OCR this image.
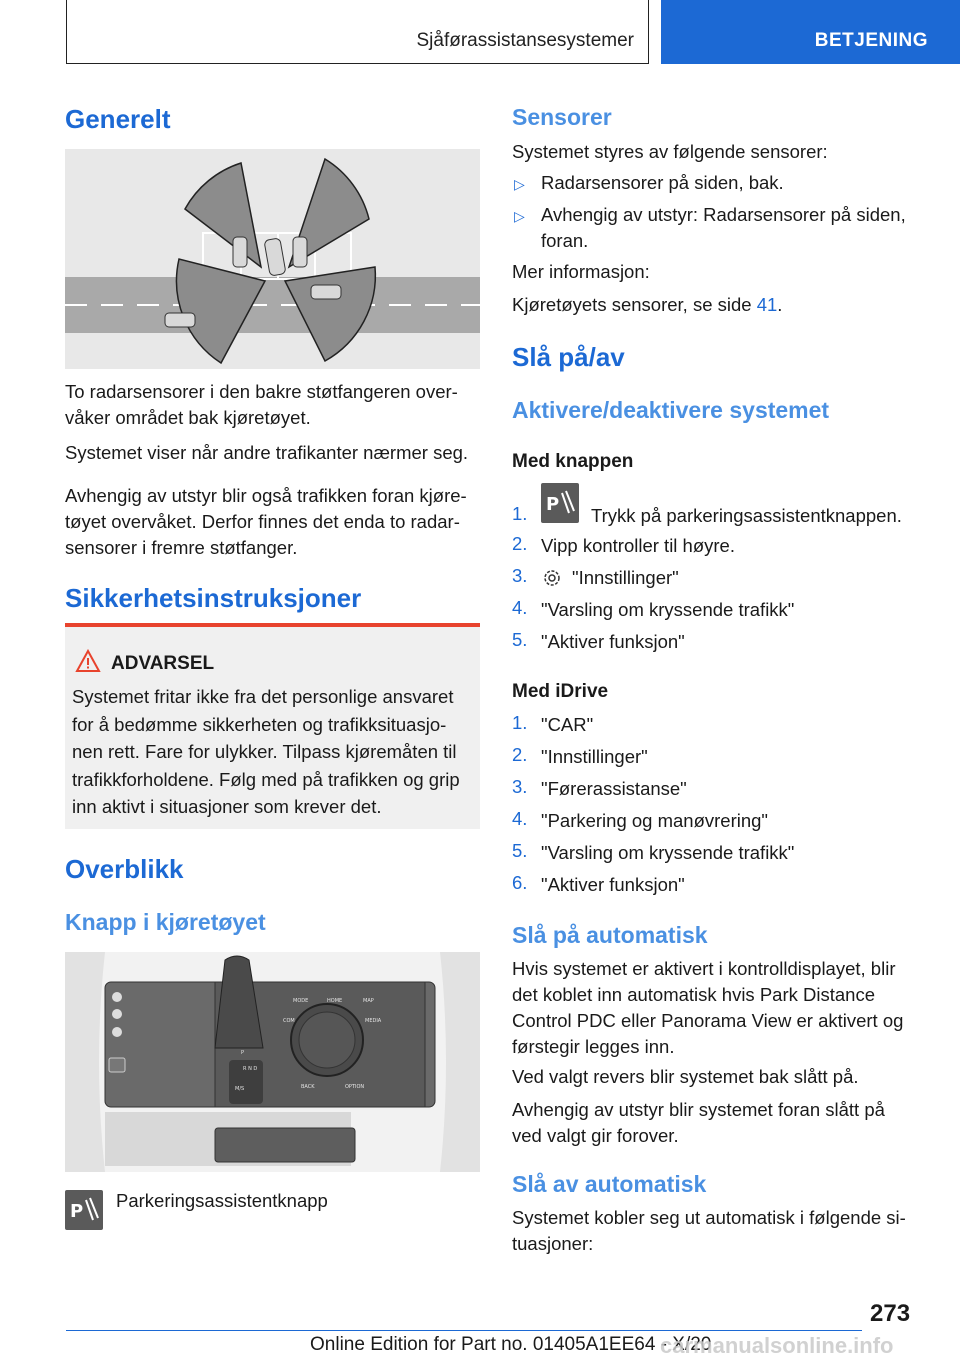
Sjåførassistansesystemer	BETJENING
Generelt
To radarsensorer i den bakre støtfangeren over-
våker området bak kjøretøyet.
Systemet viser når andre trafikanter nærmer seg.
Avhengig av utstyr blir også trafikken foran kjøre-
tøyet overvåket. Derfor finnes det enda to radar-
sensorer i fremre støtfanger.
Sikkerhetsinstruksjoner
ADVARSEL
Systemet fritar ikke fra det personlige ansvaret
for å bedømme sikkerheten og trafikksituasjo-
nen rett. Fare for ulykker. Tilpass kjøremåten til
trafikkforholdene. Følg med på trafikken og grip
inn aktivt i situasjoner som krever det.
Overblikk
Knapp i kjøretøyet
MODE	HOME	MAP
COM	MEDIA
BACK	OPTION
P
R N D
M/S
P
Parkeringsassistentknapp
Sensorer
Systemet styres av følgende sensorer:
▷ Radarsensorer på siden, bak.
▷ Avhengig av utstyr: Radarsensorer på siden,
foran.
Mer informasjon:
Kjøretøyets sensorer, se side 41.
Slå på/av
Aktivere/deaktivere systemet
Med knappen
1. P
Trykk på parkeringsassistentknappen.
2. Vipp kontroller til høyre.
3. "Innstillinger"
4. "Varsling om kryssende trafikk"
5. "Aktiver funksjon"
Med iDrive
1. "CAR"
2. "Innstillinger"
3. "Førerassistanse"
4. "Parkering og manøvrering"
5. "Varsling om kryssende trafikk"
6. "Aktiver funksjon"
Slå på automatisk
Hvis systemet er aktivert i kontrolldisplayet, blir
det koblet inn automatisk hvis Park Distance
Control PDC eller Panorama View er aktivert og
førstegir legges inn.
Ved valgt revers blir systemet bak slått på.
Avhengig av utstyr blir systemet foran slått på
ved valgt gir forover.
Slå av automatisk
Systemet kobler seg ut automatisk i følgende si-
tuasjoner:
273
Online Edition for Part no. 01405A1EE64 - X/20
carmanualsonline.info
